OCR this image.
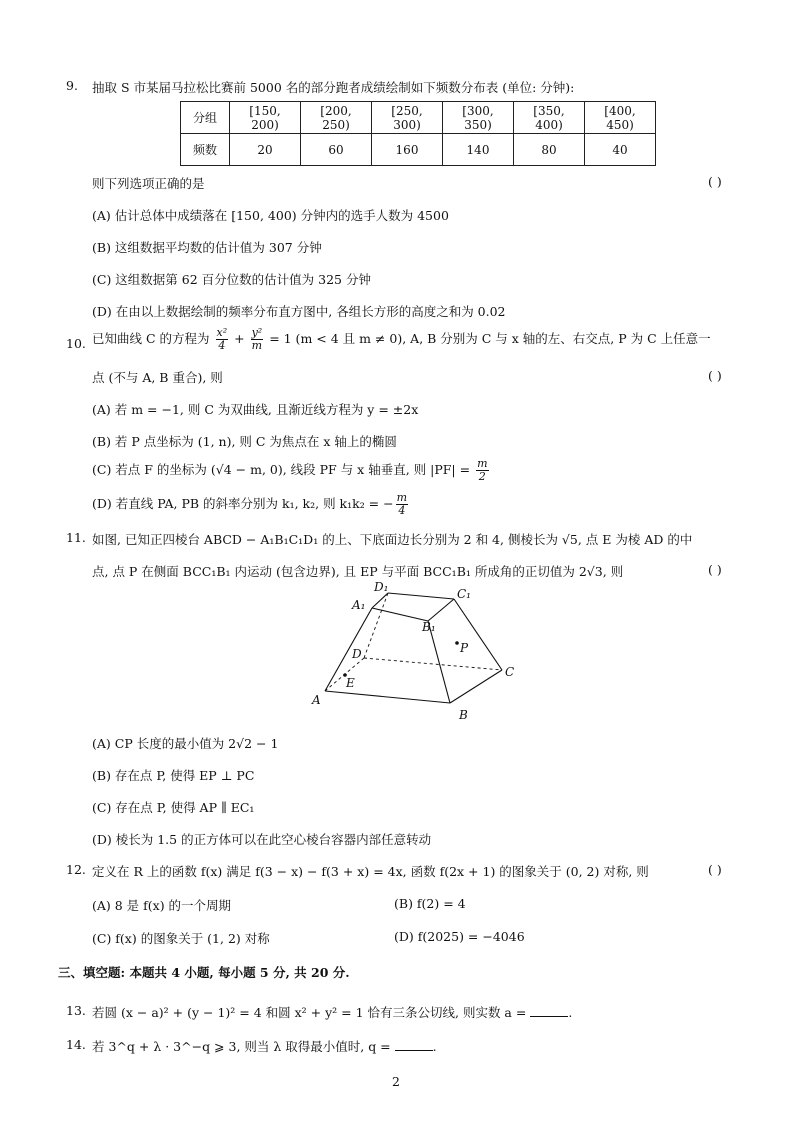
9. 抽取 S 市某届马拉松比赛前 5000 名的部分跑者成绩绘制如下频数分布表 (单位: 分钟):
分组	[150, 200)	[200, 250)	[250, 300)	[300, 350)	[350, 400)	[400, 450)
频数	20	60	160	140	80	40
则下列选项正确的是	( )
(A) 估计总体中成绩落在 [150, 400) 分钟内的选手人数为 4500
(B) 这组数据平均数的估计值为 307 分钟
(C) 这组数据第 62 百分位数的估计值为 325 分钟
(D) 在由以上数据绘制的频率分布直方图中, 各组长方形的高度之和为 0.02
10. 已知曲线 C 的方程为 $\frac{\text{x²}}{4} + \frac{\text{y²}}{m} = 1$ (m < 4 且 m ≠ 0), A, B 分别为 C 与 x 轴的左、右交点, P 为 C 上任意一
点 (不与 A, B 重合), 则	( )
(A) 若 m = −1, 则 C 为双曲线, 且渐近线方程为 y = ±2x
(B) 若 P 点坐标为 (1, n), 则 C 为焦点在 x 轴上的椭圆
(C) 若点 F 的坐标为 (√4 − m, 0), 线段 PF 与 x 轴垂直, 则 $|PF| = \frac{m}{2}$
(D) 若直线 PA, PB 的斜率分别为 k₁, k₂, 则 k₁k₂ = − $\frac{m}{4}$
11. 如图, 已知正四棱台 ABCD − A₁B₁C₁D₁ 的上、下底面边长分别为 2 和 4, 侧棱长为 √5, 点 E 为棱 AD 的中
点, 点 P 在侧面 BCC₁B₁ 内运动 (包含边界), 且 EP 与平面 BCC₁B₁ 所成角的正切值为 2√3, 则	( )
D₁	C₁
A₁
B₁
P
D
C
E
A
B
(A) CP 长度的最小值为 2√2 − 1
(B) 存在点 P, 使得 EP ⊥ PC
(C) 存在点 P, 使得 AP ∥ EC₁
(D) 棱长为 1.5 的正方体可以在此空心棱台容器内部任意转动
12. 定义在 R 上的函数 f(x) 满足 f(3 − x) − f(3 + x) = 4x, 函数 f(2x + 1) 的图象关于 (0, 2) 对称, 则	( )
(A) 8 是 f(x) 的一个周期	(B) f(2) = 4
(C) f(x) 的图象关于 (1, 2) 对称	(D) f(2025) = −4046
三、填空题: 本题共 4 小题, 每小题 5 分, 共 20 分.
13. 若圆 (x − a)² + (y − 1)² = 4 和圆 x² + y² = 1 恰有三条公切线, 则实数 a =	.
14. 若 3^q + λ · 3^−q ⩾ 3, 则当 λ 取得最小值时, q =	.
2
